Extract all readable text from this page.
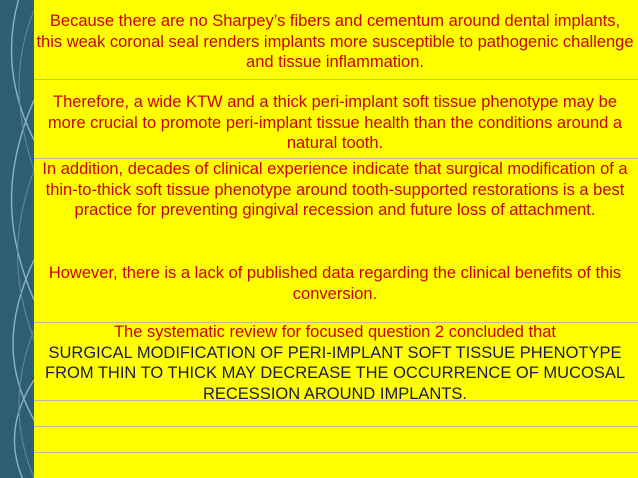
Because there are no Sharpey’s fibers and cementum around dental implants, this weak coronal seal renders implants more susceptible to pathogenic challenge and tissue inflammation.

Therefore, a wide KTW and a thick peri-implant soft tissue phenotype may be more crucial to promote peri-implant tissue health than the conditions around a natural tooth.

In addition, decades of clinical experience indicate that surgical modification of a thin-to-thick soft tissue phenotype around tooth-supported restorations is a best practice for preventing gingival recession and future loss of attachment.

However, there is a lack of published data regarding the clinical benefits of this conversion.

The systematic review for focused question 2 concluded that
SURGICAL MODIFICATION OF PERI-IMPLANT SOFT TISSUE PHENOTYPE FROM THIN TO THICK MAY DECREASE THE OCCURRENCE OF MUCOSAL RECESSION AROUND IMPLANTS.
